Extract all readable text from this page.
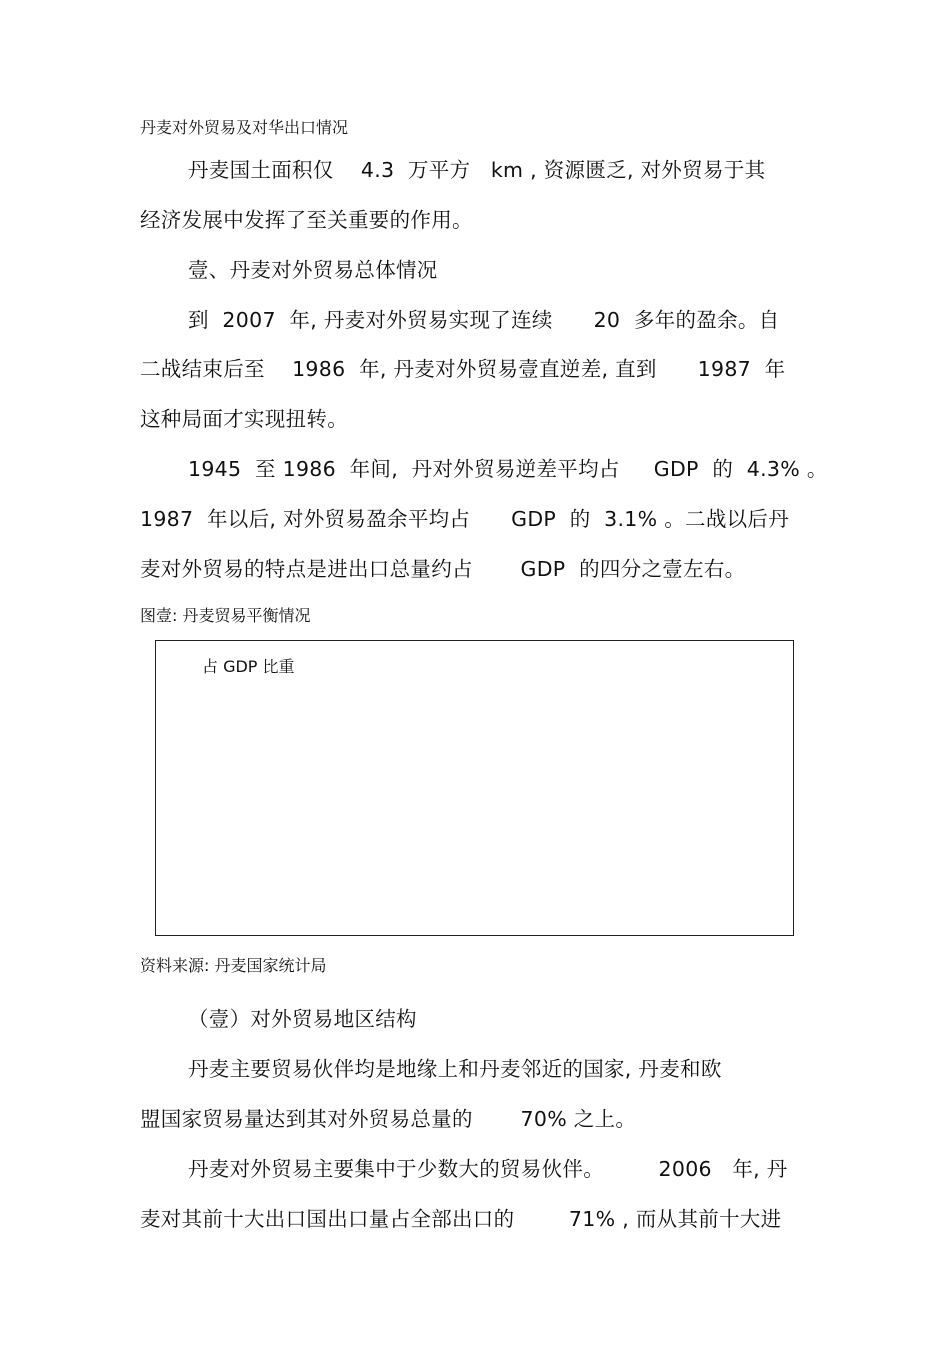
丹麦对外贸易及对华出口情况
丹麦国土面积仅    4.3  万平方   km , 资源匮乏, 对外贸易于其
经济发展中发挥了至关重要的作用。
壹、丹麦对外贸易总体情况
到  2007  年, 丹麦对外贸易实现了连续      20  多年的盈余。自
二战结束后至    1986  年, 丹麦对外贸易壹直逆差, 直到      1987  年
这种局面才实现扭转。
1945  至 1986  年间,  丹对外贸易逆差平均占     GDP  的  4.3% 。
1987  年以后, 对外贸易盈余平均占      GDP  的  3.1% 。二战以后丹
麦对外贸易的特点是进出口总量约占       GDP  的四分之壹左右。
图壹: 丹麦贸易平衡情况
占 GDP 比重
资料来源: 丹麦国家统计局
（壹）对外贸易地区结构
丹麦主要贸易伙伴均是地缘上和丹麦邻近的国家, 丹麦和欧
盟国家贸易量达到其对外贸易总量的       70% 之上。
丹麦对外贸易主要集中于少数大的贸易伙伴。        2006   年, 丹
麦对其前十大出口国出口量占全部出口的        71% , 而从其前十大进
